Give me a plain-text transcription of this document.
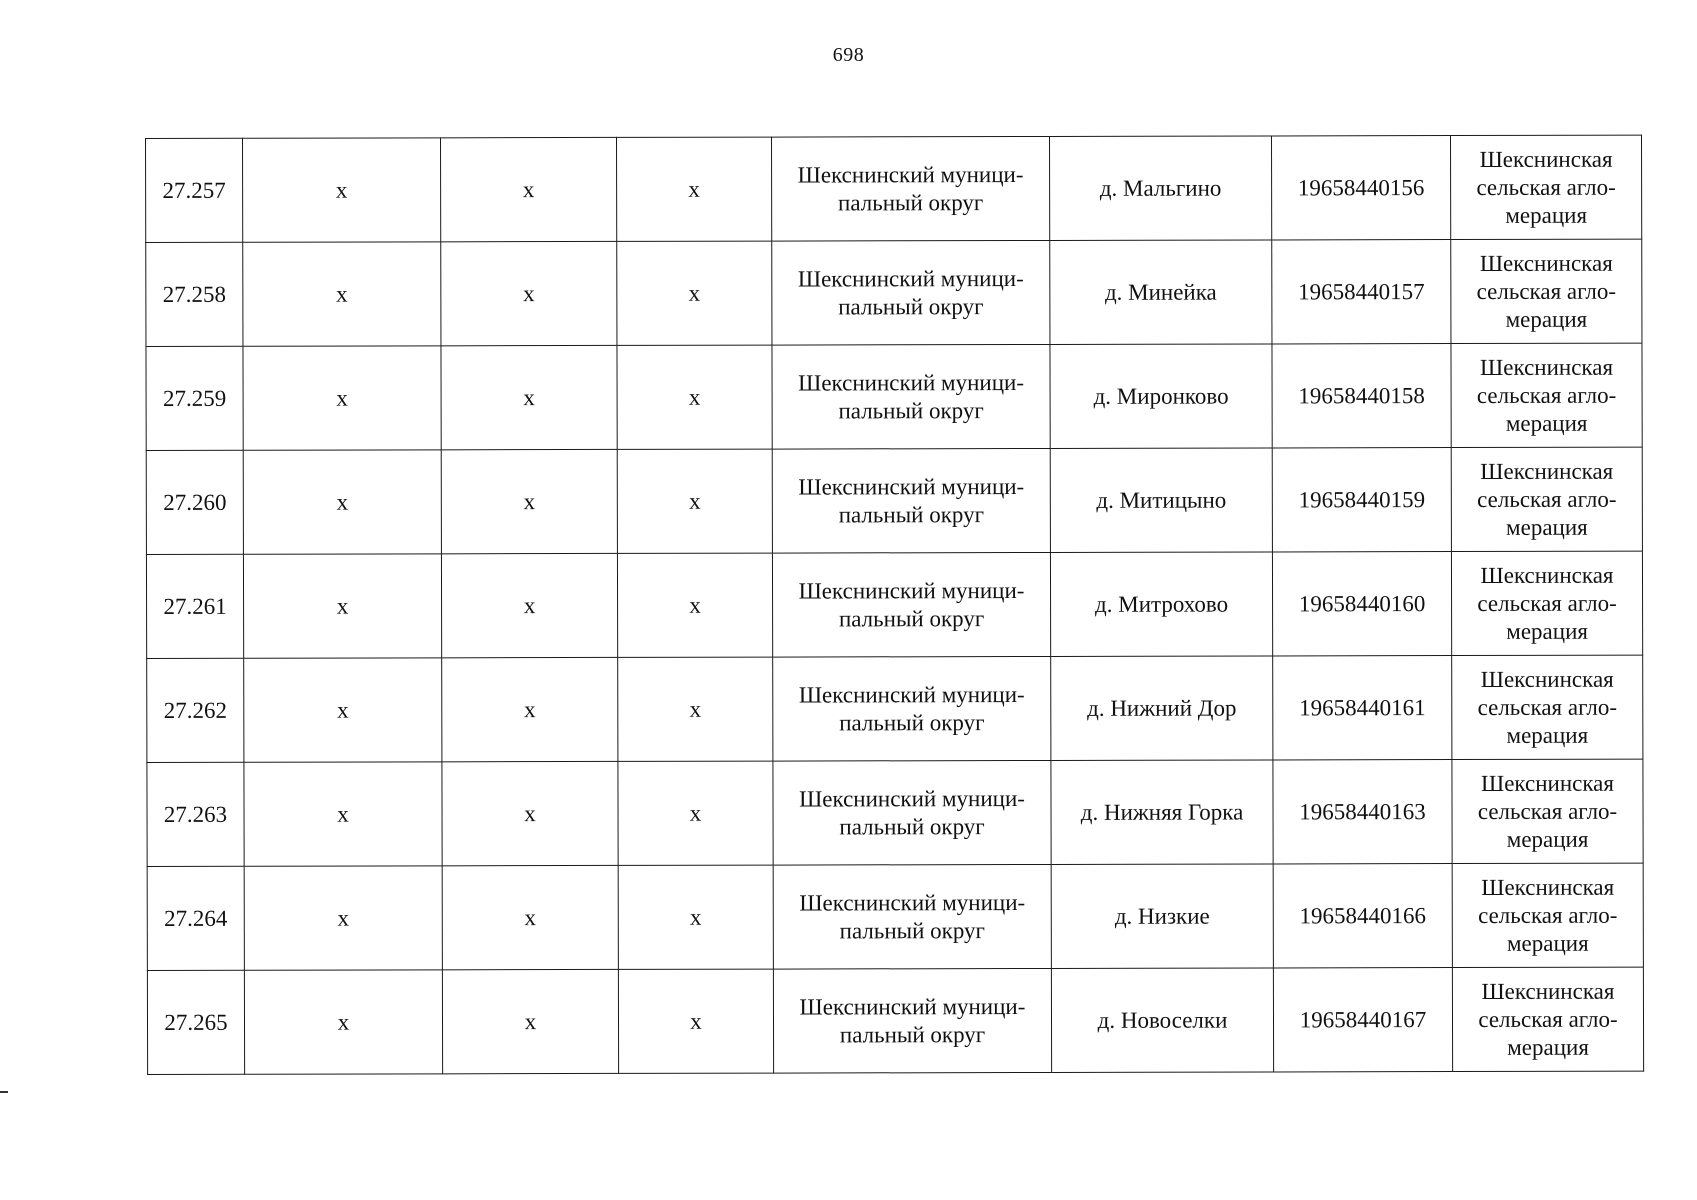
698
27.257	x	x	x	Шекснинский муници-
пальный округ	д. Мальгино	19658440156	Шекснинская
сельская агло-
мерация

27.258	x	x	x	Шекснинский муници-
пальный округ	д. Минейка	19658440157	Шекснинская
сельская агло-
мерация

27.259	x	x	x	Шекснинский муници-
пальный округ	д. Миронково	19658440158	Шекснинская
сельская агло-
мерация

27.260	x	x	x	Шекснинский муници-
пальный округ	д. Митицыно	19658440159	Шекснинская
сельская агло-
мерация

27.261	x	x	x	Шекснинский муници-
пальный округ	д. Митрохово	19658440160	Шекснинская
сельская агло-
мерация

27.262	x	x	x	Шекснинский муници-
пальный округ	д. Нижний Дор	19658440161	Шекснинская
сельская агло-
мерация

27.263	x	x	x	Шекснинский муници-
пальный округ	д. Нижняя Горка	19658440163	Шекснинская
сельская агло-
мерация

27.264	x	x	x	Шекснинский муници-
пальный округ	д. Низкие	19658440166	Шекснинская
сельская агло-
мерация

27.265	x	x	x	Шекснинский муници-
пальный округ	д. Новоселки	19658440167	Шекснинская
сельская агло-
мерация
